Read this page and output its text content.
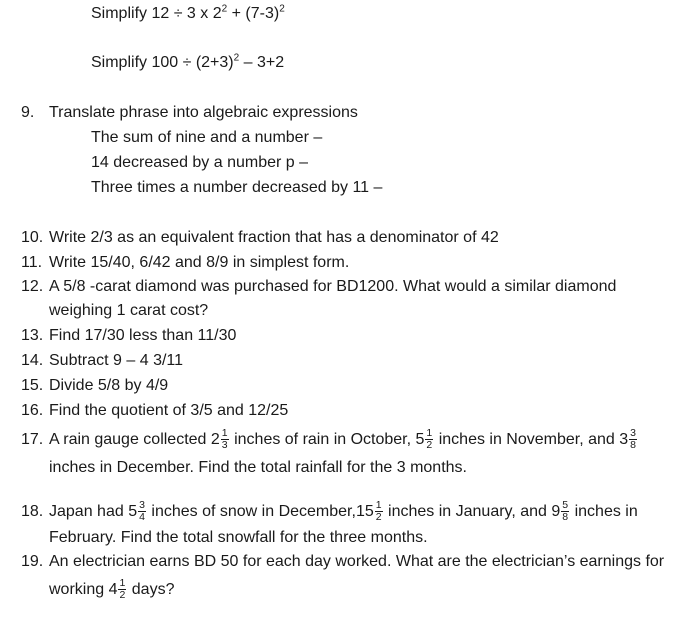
Simplify 12 ÷ 3 x $2^2 + (7-3)^2$
Simplify $100 \div (2+3)^2 - 3+2$
9. Translate phrase into algebraic expressions
The sum of nine and a number –
14 decreased by a number p –
Three times a number decreased by 11 –
10. Write 2/3 as an equivalent fraction that has a denominator of 42
11. Write 15/40, 6/42 and 8/9 in simplest form.
12. A 5/8 -carat diamond was purchased for BD1200. What would a similar diamond
weighing 1 carat cost?
13. Find 17/30 less than 11/30
14. Subtract 9 – 4 3/11
15. Divide 5/8 by 4/9
16. Find the quotient of 3/5 and 12/25
17. A rain gauge collected $2 \frac{1}{3}$ inches of rain in October, $5 \frac{1}{2}$ inches in November, and $3 \frac{3}{8}$
inches in December. Find the total rainfall for the 3 months.
18. Japan had $5 \frac{3}{4}$ inches of snow in December,15 $\frac{1}{2}$ inches in January, and $9 \frac{5}{8}$ inches in
February. Find the total snowfall for the three months.
19. An electrician earns BD 50 for each day worked. What are the electrician’s earnings for
working $4 \frac{1}{2}$ days?
